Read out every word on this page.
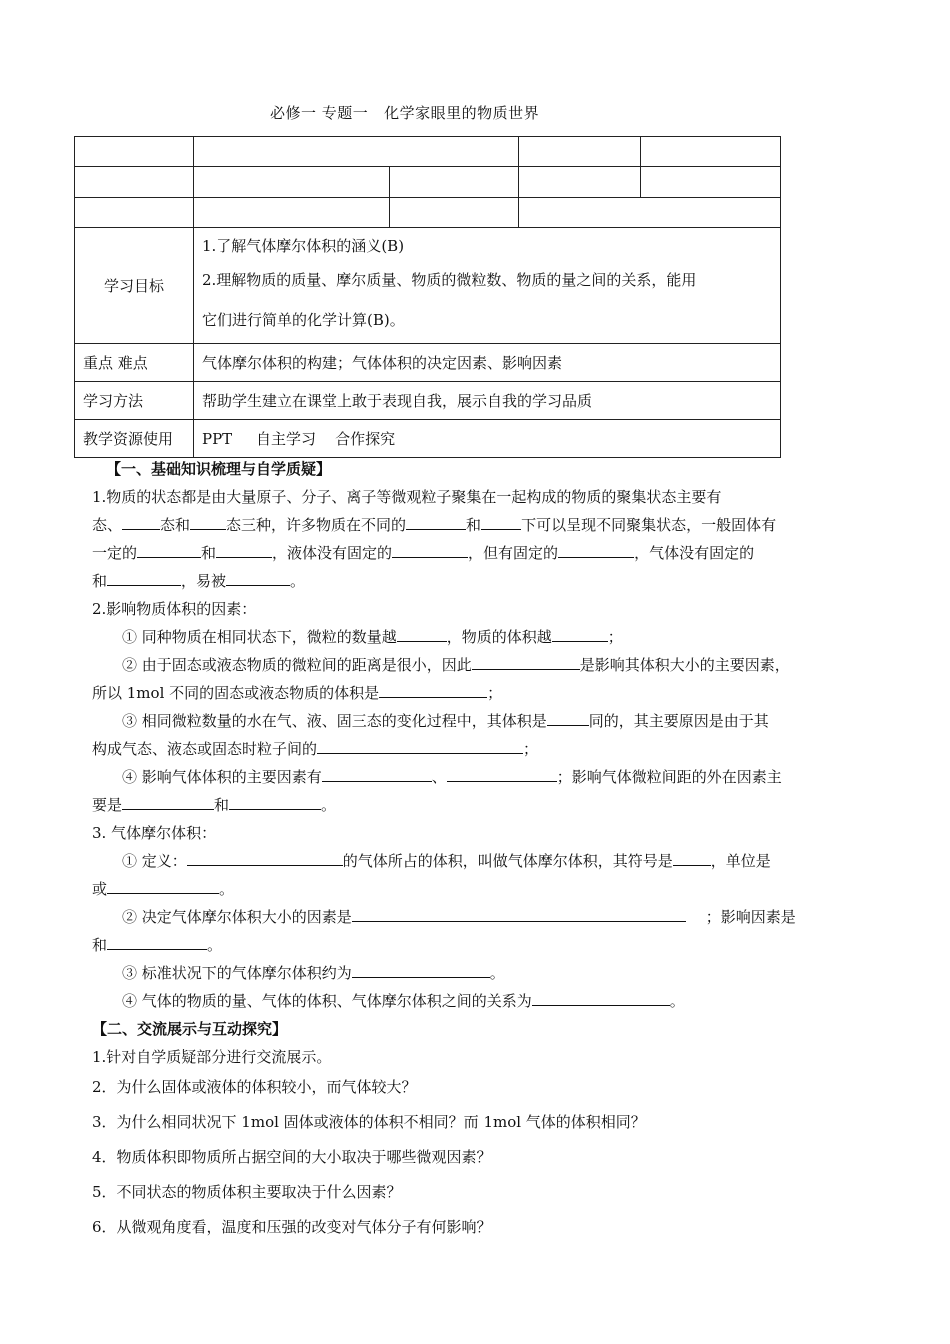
必修一 专题一   化学家眼里的物质世界

学习目标	1.了解气体摩尔体积的涵义(B)
2.理解物质的质量、摩尔质量、物质的微粒数、物质的量之间的关系，能用
它们进行简单的化学计算(B)。			

重点 难点	气体摩尔体积的构建；气体体积的决定因素、影响因素			
学习方法	帮助学生建立在课堂上敢于表现自我，展示自我的学习品质			
教学资源使用	PPT     自主学习    合作探究			
【一、基础知识梳理与自学质疑】
1.物质的状态都是由大量原子、分子、离子等微观粒子聚集在一起构成的物质的聚集状态主要有
态、	态和 态三种，许多物质在不同的	和	下可以呈现不同聚集状态，一般固体有
一定的	和	，液体没有固定的	，但有固定的	，气体没有固定的
和	，易被	。
2.影响物质体积的因素：
① 同种物质在相同状态下，微粒的数量越	，物质的体积越	；
② 由于固态或液态物质的微粒间的距离是很小，因此	是影响其体积大小的主要因素，
所以 1mol 不同的固态或液态物质的体积是	；
③ 相同微粒数量的水在气、液、固三态的变化过程中，其体积是	同的，其主要原因是由于其
构成气态、液态或固态时粒子间的	；
④ 影响气体体积的主要因素有	、	；影响气体微粒间距的外在因素主
要是	和	。
3. 气体摩尔体积：
① 定义：	的气体所占的体积，叫做气体摩尔体积，其符号是	，单位是
或	。
② 决定气体摩尔体积大小的因素是	；影响因素是
和	。
③ 标准状况下的气体摩尔体积约为	。
④ 气体的物质的量、气体的体积、气体摩尔体积之间的关系为	。
【二、交流展示与互动探究】
1.针对自学质疑部分进行交流展示。
2．为什么固体或液体的体积较小，而气体较大？
3．为什么相同状况下 1mol 固体或液体的体积不相同？而 1mol 气体的体积相同？
4．物质体积即物质所占据空间的大小取决于哪些微观因素？
5．不同状态的物质体积主要取决于什么因素？
6．从微观角度看，温度和压强的改变对气体分子有何影响？
